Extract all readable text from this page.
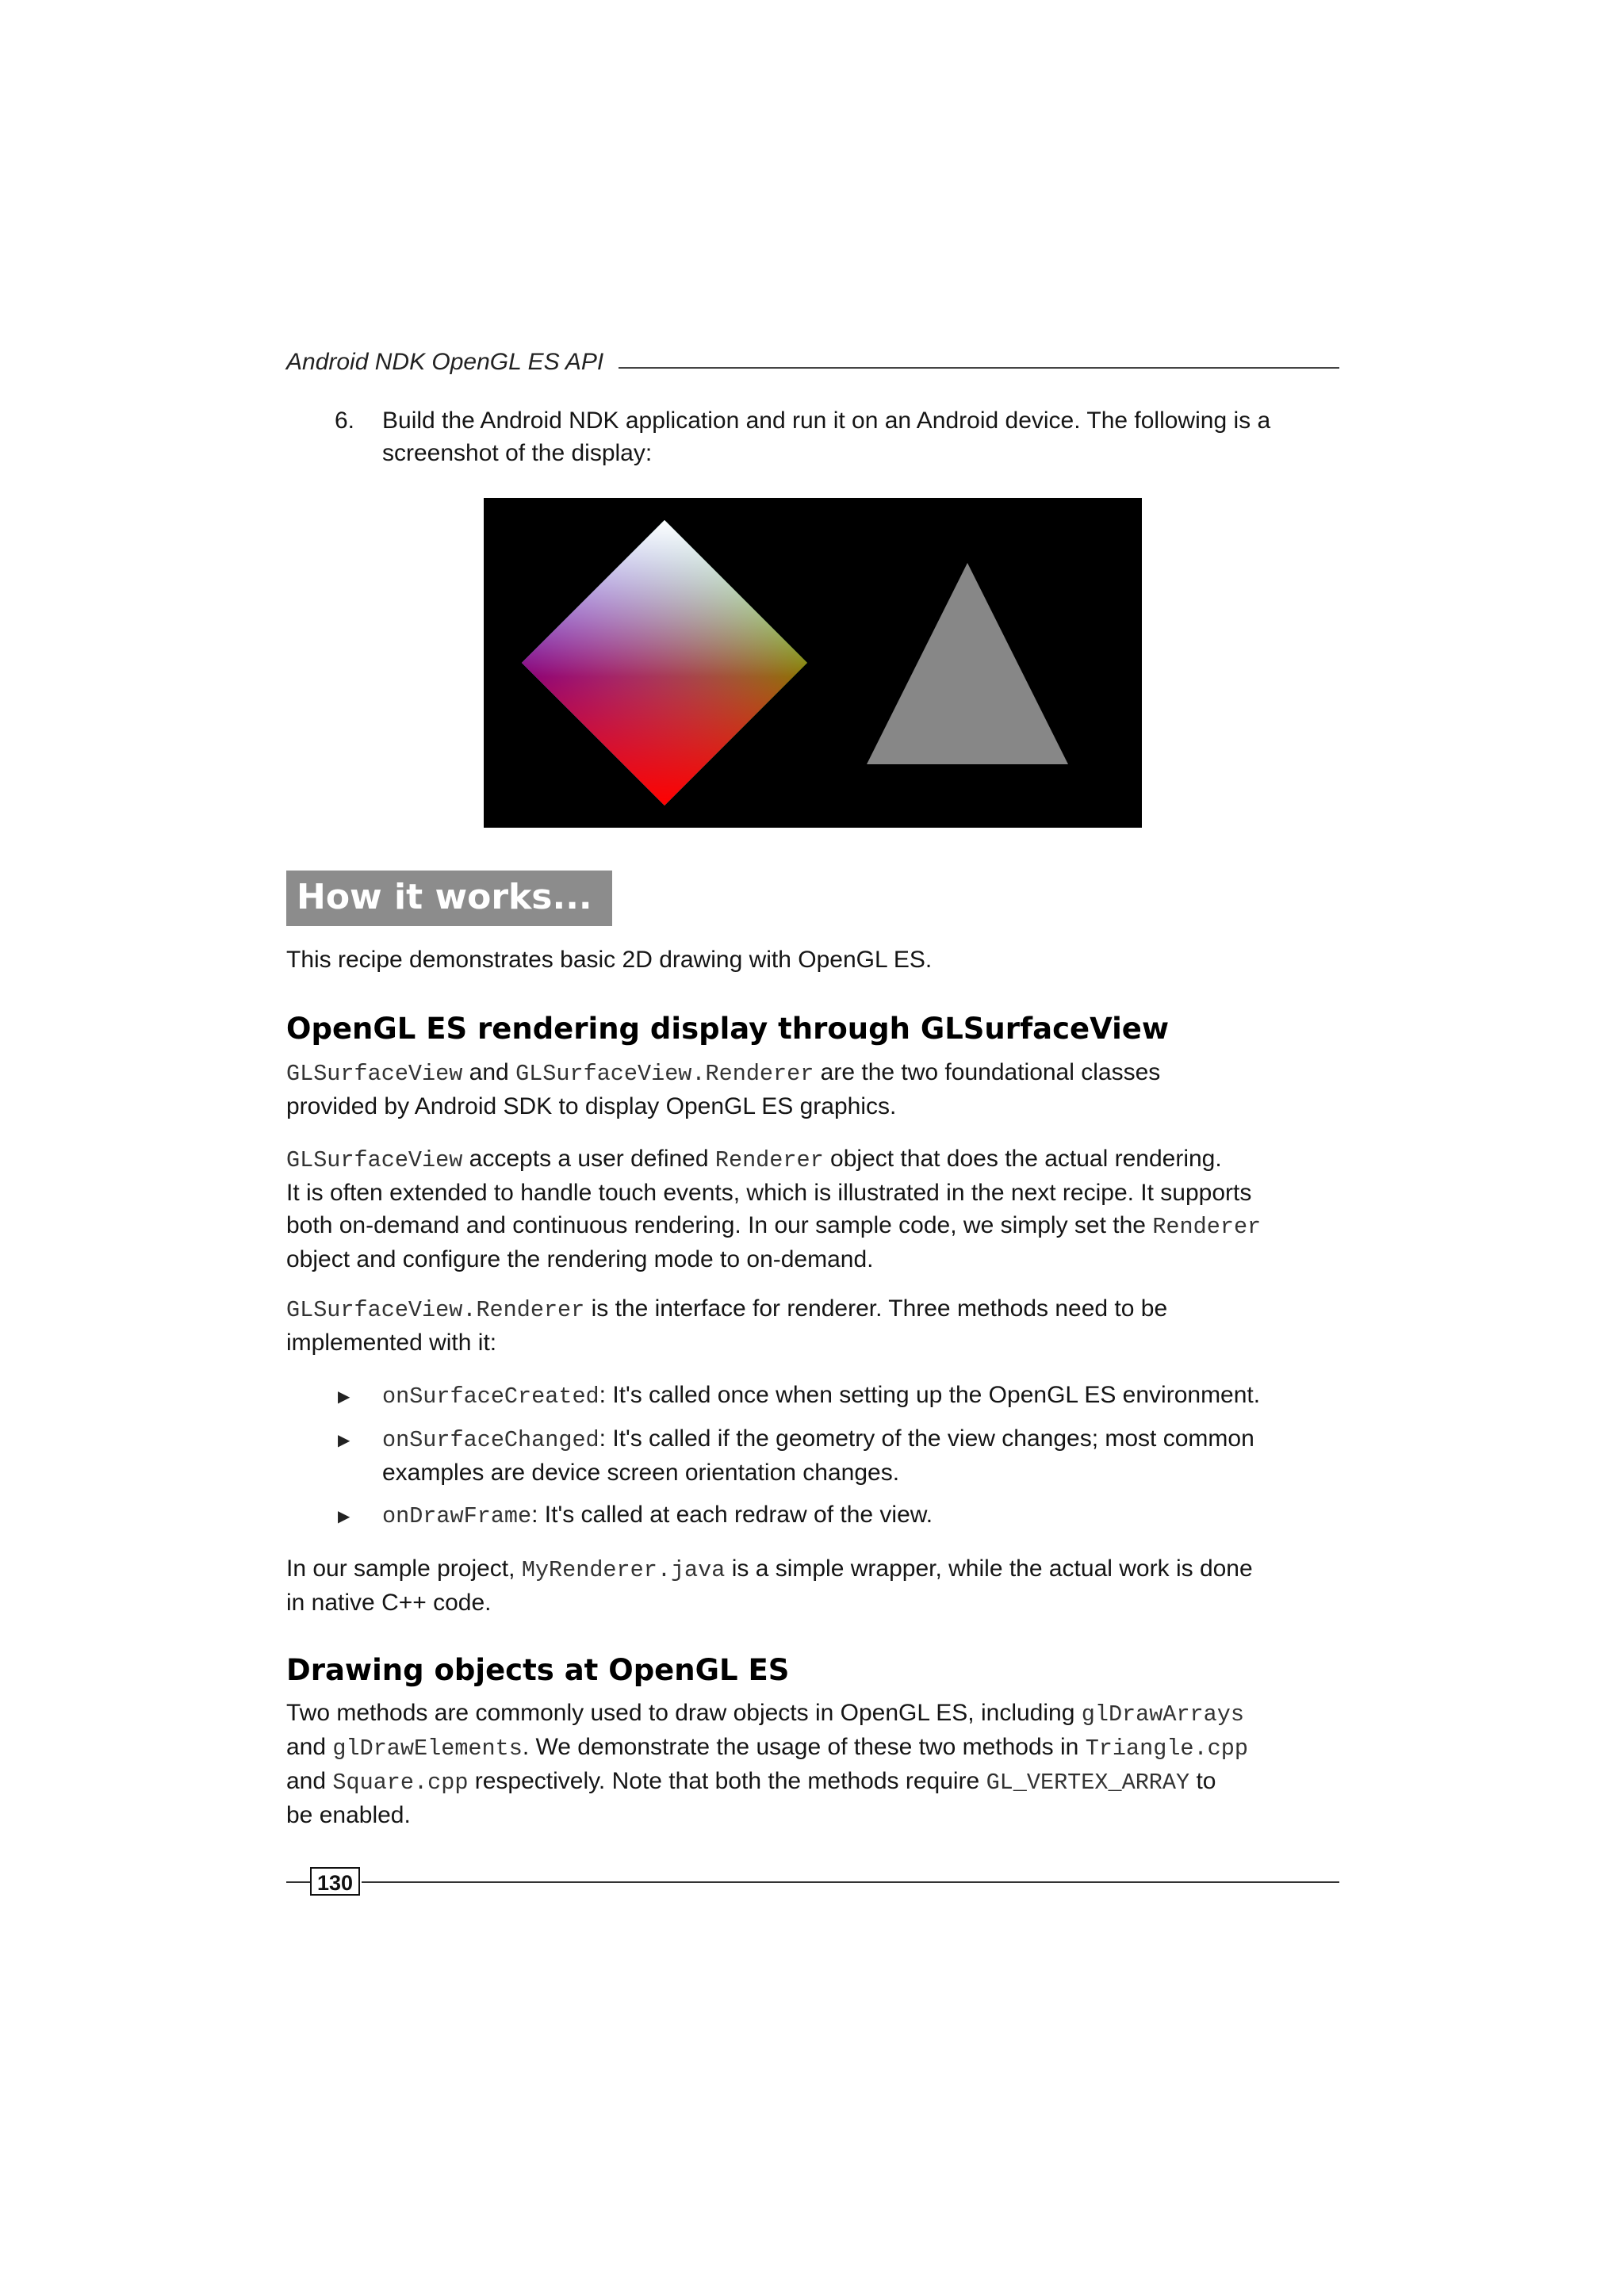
Android NDK OpenGL ES API
6. Build the Android NDK application and run it on an Android device. The following is a screenshot of the display:
How it works...
This recipe demonstrates basic 2D drawing with OpenGL ES.
OpenGL ES rendering display through GLSurfaceView
GLSurfaceView and GLSurfaceView.Renderer are the two foundational classes
provided by Android SDK to display OpenGL ES graphics.
GLSurfaceView accepts a user defined Renderer object that does the actual rendering.
It is often extended to handle touch events, which is illustrated in the next recipe. It supports
both on-demand and continuous rendering. In our sample code, we simply set the Renderer
object and configure the rendering mode to on-demand.
GLSurfaceView.Renderer is the interface for renderer. Three methods need to be
implemented with it:
▶ onSurfaceCreated: It's called once when setting up the OpenGL ES environment.
▶ onSurfaceChanged: It's called if the geometry of the view changes; most common
examples are device screen orientation changes.
▶ onDrawFrame: It's called at each redraw of the view.
In our sample project, MyRenderer.java is a simple wrapper, while the actual work is done
in native C++ code.
Drawing objects at OpenGL ES
Two methods are commonly used to draw objects in OpenGL ES, including glDrawArrays
and glDrawElements. We demonstrate the usage of these two methods in Triangle.cpp
and Square.cpp respectively. Note that both the methods require GL_VERTEX_ARRAY to
be enabled.
130
